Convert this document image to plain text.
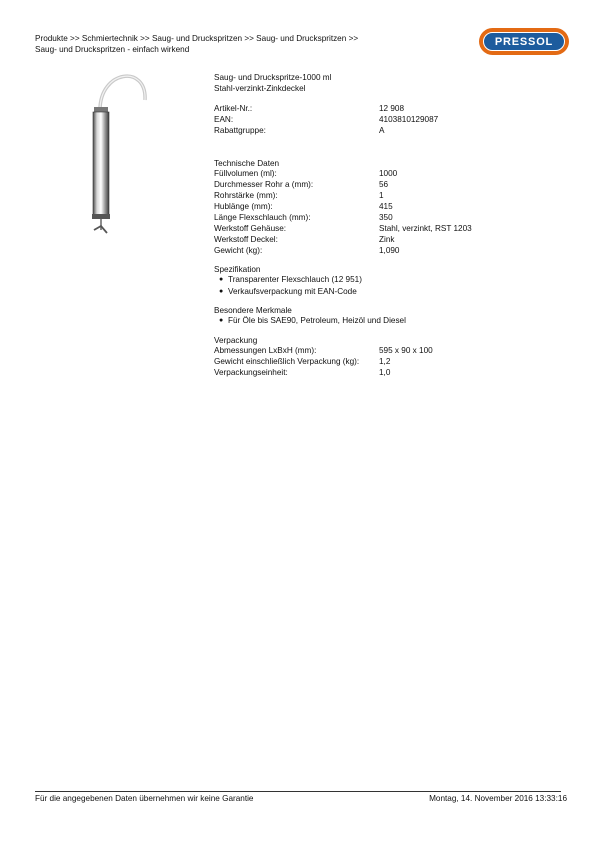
Produkte >> Schmiertechnik >> Saug- und Druckspritzen >> Saug- und Druckspritzen >>
Saug- und Druckspritzen - einfach wirkend
PRESSOL
Saug- und Druckspritze-1000 ml
Stahl-verzinkt-Zinkdeckel
Artikel-Nr.:	12 908
EAN:	4103810129087
Rabattgruppe:	A
Technische Daten
Füllvolumen (ml):	1000
Durchmesser Rohr a (mm):	56
Rohrstärke (mm):	1
Hublänge (mm):	415
Länge Flexschlauch (mm):	350
Werkstoff Gehäuse:	Stahl, verzinkt, RST 1203
Werkstoff Deckel:	Zink
Gewicht (kg):	1,090
Spezifikation
● Transparenter Flexschlauch (12 951)
● Verkaufsverpackung mit EAN-Code
Besondere Merkmale
● Für Öle bis SAE90, Petroleum, Heizöl und Diesel
Verpackung
Abmessungen LxBxH (mm):	595 x 90 x 100
Gewicht einschließlich Verpackung (kg):	1,2
Verpackungseinheit:	1,0
Für die angegebenen Daten übernehmen wir keine Garantie	Montag, 14. November 2016 13:33:16
